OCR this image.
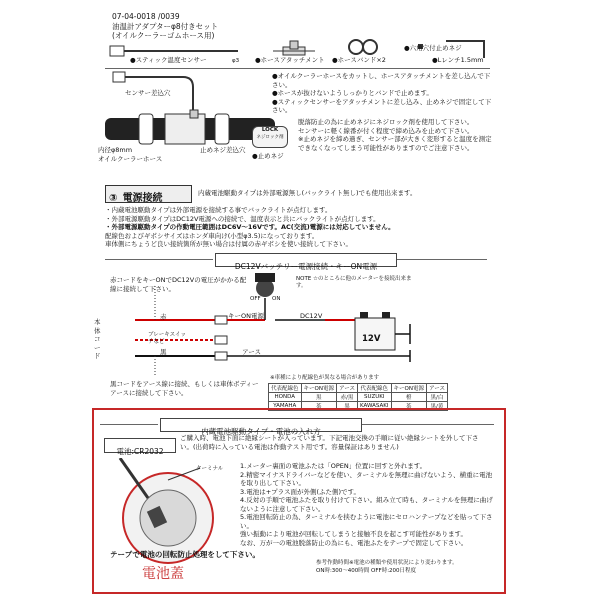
07-04-0018 /0039
油温計アダプターφ8付きセット
(オイルクーラーゴムホース用)
●スティック温度センサー	φ3 ●ホースアタッチメント ●ホースバンド×2
●六角穴付止めネジ
●Lレンチ1.5mm
センサー差込穴
内径φ8mm
オイルクーラーホース
止めネジ差込穴
LOCK
ネジロック剤
●止めネジ
●オイルクーラーホースをカットし、ホースアタッチメントを差し込んで下さい。
●ホースが抜けないようしっかりとバンドで止めます。
●スティックセンサーをアタッチメントに差し込み、止めネジで固定して下さい。
脱落防止の為に止めネジにネジロック剤を使用して下さい。
センサーに軽く線番が付く程度で締め込みを止めて下さい。
※止めネジを締め過ぎ、センサー部が大きく変形すると温度を測定できなくなってしまう可能性がありますのでご注意下さい。
③ 電源接続	内蔵電池駆動タイプは外部電源無し(バックライト無し)でも使用出来ます。
・内蔵電池駆動タイプは外部電源を接続する事でバックライトが点灯します。
・外部電源駆動タイプはDC12V電源への接続で、温度表示と共にバックライトが点灯します。
・外部電源駆動タイプの作動電圧範囲はDC6V〜16Vです。AC(交流)電源には対応していません。
配線色およびギボシサイズはホンダ車向け(小型φ3.5)になっております。
車体側にちょうど良い接続箇所が無い場合は付属の赤ギボシを使い接続して下さい。
DC12Vバッテリー電源接続・キーON電源
赤コードをキーONでDC12Vの電圧がかかる配線に接続して下さい。
本体コード
赤
ブレーキスイッチなど
黒
キーON電源
アース
DC12V
12V
OFF ON
NOTE ☆のところに他のメーターを接続出来ます。
黒コードをアース線に接続、もしくは車体ボディーアースに接続して下さい。
※車種により配線色が異なる場合があります
代表配線色	キーON電源	アース	代表配線色	キーON電源	アース
HONDA	黒	赤/黒	SUZUKI	橙	黒/白
YAMAHA	茶	黒	KAWASAKI	茶	黒/黄
内蔵電池駆動タイプ・電池の入れ方
電池:CR2032
ご購入時、電池下面に絶縁シートが入っています。下記電池交換の手順に従い絶縁シートを外して下さい。(出荷時に入っている電池は作動テスト用です。容量保証はありません)
ターミナル	1.メーター裏面の電池ふたは「OPEN」位置に回すと外れます。
2.精密マイナスドライバーなどを使い、ターミナルを無理に曲げないよう、横重に電池を取り出して下さい。
3.電池は+プラス面が外側(ふた側)です。
4.反対の手順で電池ふたを取り付けて下さい。組み立て時も、ターミナルを無理に曲げないように注意して下さい。
5.電池回転防止の為、ターミナルを挟むように電池にセロハンテープなどを貼って下さい。
強い振動により電池が回転してしまうと接触不良を起こす可能性があります。
なお、万が一の電池脱落防止の為にも、電池ふたをテープで固定して下さい。
テープで電池の回転防止処理をして下さい。
電池蓋
参考作動時間※電池の種類や使用状況により変わります。
ON時:300〜400時間 OFF時:200日程度
